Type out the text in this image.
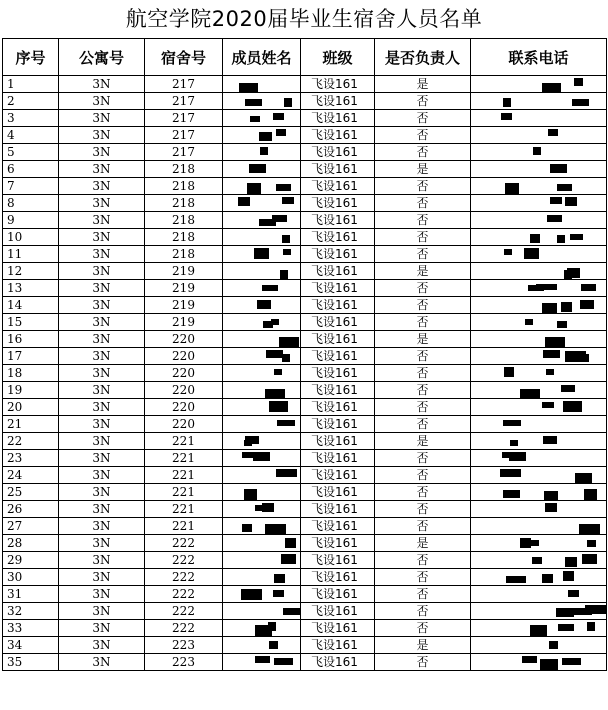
航空学院2020届毕业生宿舍人员名单
序号	公寓号	宿舍号	成员姓名	班级	是否负责人	联系电话
1	3N	217		飞设161	是	

2	3N	217		飞设161	否	

3	3N	217		飞设161	否	

4	3N	217		飞设161	否	

5	3N	217		飞设161	否	

6	3N	218		飞设161	是	

7	3N	218		飞设161	否	

8	3N	218		飞设161	否	

9	3N	218		飞设161	否	

10	3N	218		飞设161	否	

11	3N	218		飞设161	否	

12	3N	219		飞设161	是	

13	3N	219		飞设161	否	

14	3N	219		飞设161	否	

15	3N	219		飞设161	否	

16	3N	220		飞设161	是	

17	3N	220		飞设161	否	

18	3N	220		飞设161	否	

19	3N	220		飞设161	否	

20	3N	220		飞设161	否	

21	3N	220		飞设161	否	

22	3N	221		飞设161	是	

23	3N	221		飞设161	否	

24	3N	221		飞设161	否	

25	3N	221		飞设161	否	

26	3N	221		飞设161	否	

27	3N	221		飞设161	否	

28	3N	222		飞设161	是	

29	3N	222		飞设161	否	

30	3N	222		飞设161	否	

31	3N	222		飞设161	否	

32	3N	222		飞设161	否	

33	3N	222		飞设161	否	

34	3N	223		飞设161	是	

35	3N	223		飞设161	否	
